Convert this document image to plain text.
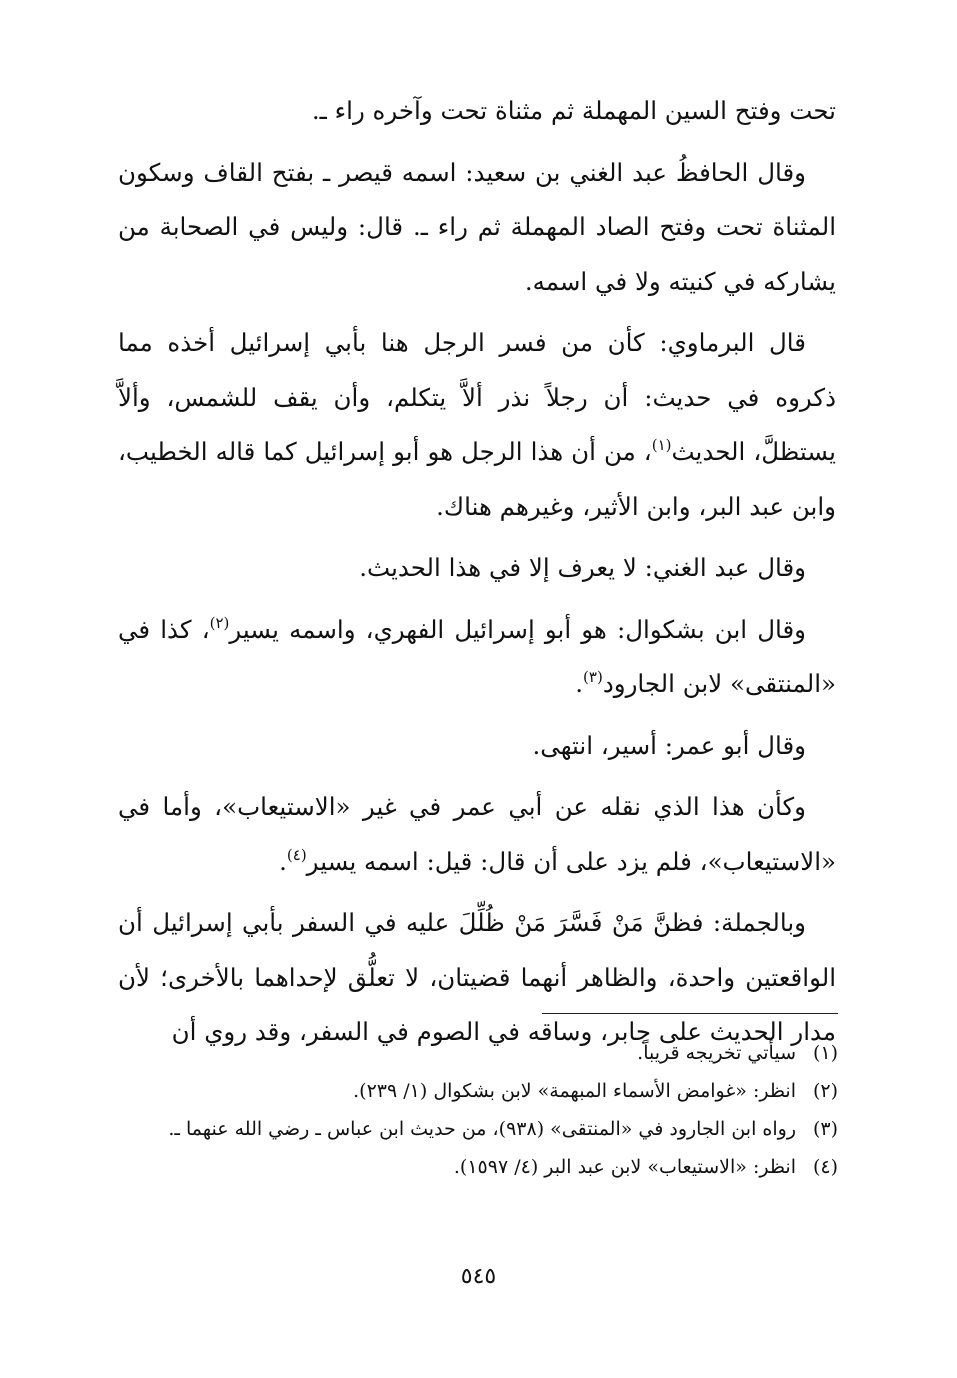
تحت وفتح السين المهملة ثم مثناة تحت وآخره راء ـ.

وقال الحافظُ عبد الغني بن سعيد: اسمه قيصر ـ بفتح القاف وسكون المثناة تحت وفتح الصاد المهملة ثم راء ـ. قال: وليس في الصحابة من يشاركه في كنيته ولا في اسمه.

قال البرماوي: كأن من فسر الرجل هنا بأبي إسرائيل أخذه مما ذكروه في حديث: أن رجلاً نذر ألاَّ يتكلم، وأن يقف للشمس، وألاَّ يستظلَّ، الحديث$^{(١)}$، من أن هذا الرجل هو أبو إسرائيل كما قاله الخطيب، وابن عبد البر، وابن الأثير، وغيرهم هناك.

وقال عبد الغني: لا يعرف إلا في هذا الحديث.

وقال ابن بشكوال: هو أبو إسرائيل الفهري، واسمه يسير$^{(٢)}$، كذا في «المنتقى» لابن الجارود$^{(٣)}$.

وقال أبو عمر: أسير، انتهى.

وكأن هذا الذي نقله عن أبي عمر في غير «الاستيعاب»، وأما في «الاستيعاب»، فلم يزد على أن قال: قيل: اسمه يسير$^{(٤)}$.

وبالجملة: فظنَّ مَنْ فَسَّرَ مَنْ ظُلِّلَ عليه في السفر بأبي إسرائيل أن الواقعتين واحدة، والظاهر أنهما قضيتان، لا تعلُّق لإحداهما بالأخرى؛ لأن مدار الحديث على جابر، وساقه في الصوم في السفر، وقد روي أن

(١)
سيأتي تخريجه قريباً.
(٢)
انظر: «غوامض الأسماء المبهمة» لابن بشكوال (١/ ٢٣٩).
(٣)
رواه ابن الجارود في «المنتقى» (٩٣٨)، من حديث ابن عباس ـ رضي الله عنهما ـ.
(٤)
انظر: «الاستيعاب» لابن عبد البر (٤/ ١٥٩٧).
٥٤٥
